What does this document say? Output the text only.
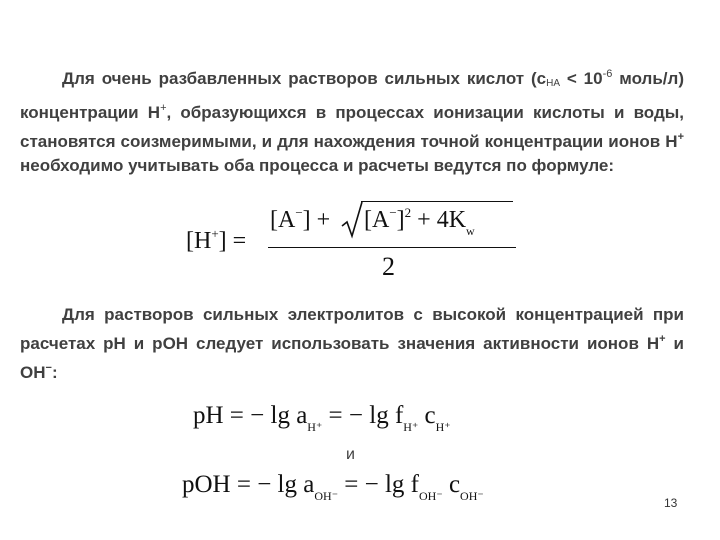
Для очень разбавленных растворов сильных кислот ($с_{HA} < 10^{-6}$ моль/л) концентрации H+, образующихся в процессах ионизации кислоты и воды, становятся соизмеримыми, и для нахождения точной концентрации ионов H+ необходимо учитывать оба процесса и расчеты ведутся по формуле:
[H+] =
$[A^-] + [A^-]^2 + 4K_w$
2
Для растворов сильных электролитов с высокой концентрацией при расчетах pH и pOH следует использовать значения активности ионов H+ и OH−:
pH = − $\lg a_{H^+}$ = − $\lg f_{H^+}$ $c_{H^+}$
и
pOH = − $\lg a_{OH^-}$ = − $\lg f_{OH^-}$ $c_{OH^-}$	13
